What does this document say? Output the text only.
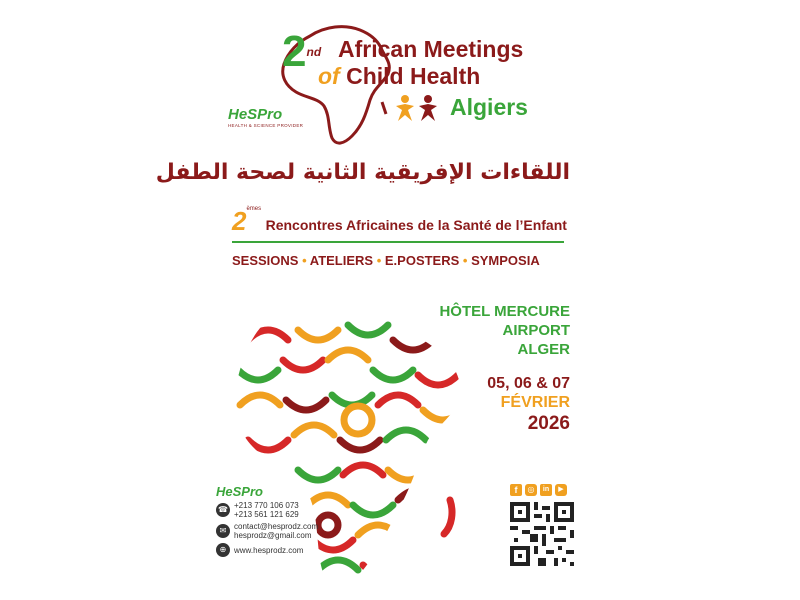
2nd African Meetings
of Child Health
Algiers
HeSPro
HEALTH & SCIENCE PROVIDER
اللقاءات الإفريقية الثانية لصحة الطفل
2èmes Rencontres Africaines de la Santé de l’Enfant
SESSIONS • ATELIERS • E.POSTERS • SYMPOSIA
HÔTEL MERCURE
AIRPORT
ALGER
05, 06 & 07
FÉVRIER
2026
HeSPro
☎ +213 770 106 073
+213 561 121 629
✉ contact@hesprodz.com
hesprodz@gmail.com
⊕ www.hesprodz.com
f	◎	in	▶
